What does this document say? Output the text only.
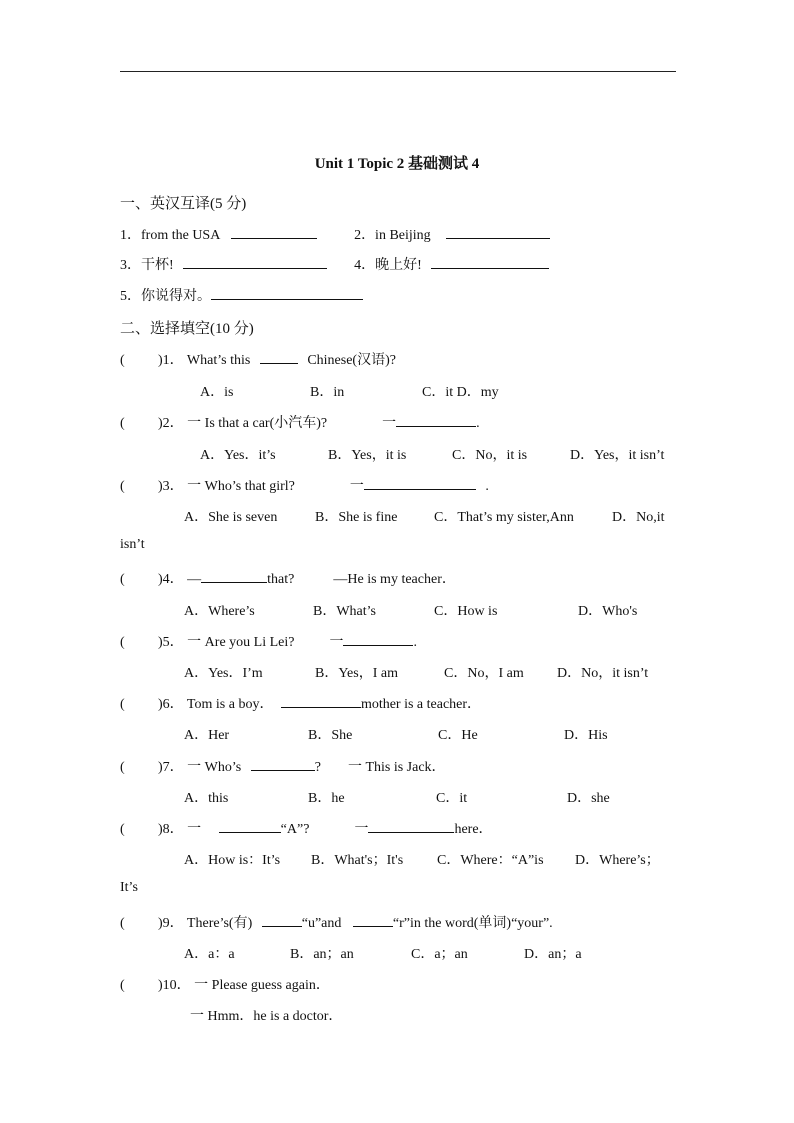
Unit 1 Topic 2 基础测试 4
一、英汉互译(5 分)
1．from the USA	2．in Beijing
3．干杯!	4．晚上好!
5．你说得对。
二、选择填空(10 分)
( )1． What’s this	Chinese(汉语)?
A．is	B．in	C．it D．my
( )2． 一 Is that a car(小汽车)?	一	.
A．Yes．it’s	B．Yes，it is	C．No，it is	D．Yes，it isn’t
( )3． 一 Who’s that girl?	一	.
A．She is seven	B．She is fine	C．That’s my sister,Ann	D．No,it
isn’t
( )4． —	that?	—He is my teacher．
A．Where’s	B．What’s	C．How is	D．Who's
( )5． 一 Are you Li Lei?	一	.
A．Yes．I’m	B．Yes，I am	C．No，I am D．No，it isn’t
( )6． Tom is a boy．	mother is a teacher．
A．Her	B．She	C．He	D．His
( )7． 一 Who’s	? 一 This is Jack．
A．this	B．he	C．it	D．she
( )8． 一	“A”?	一	here．
A．How is：It’s B．What's；It's C．Where：“A”is D．Where’s；
It’s
( )9． There’s(有)	“u”and	“r”in the word(单词)“your”.
A．a：a	B．an；an	C．a；an	D．an；a
( )10． 一 Please guess again．
一 Hmm．he is a doctor．
